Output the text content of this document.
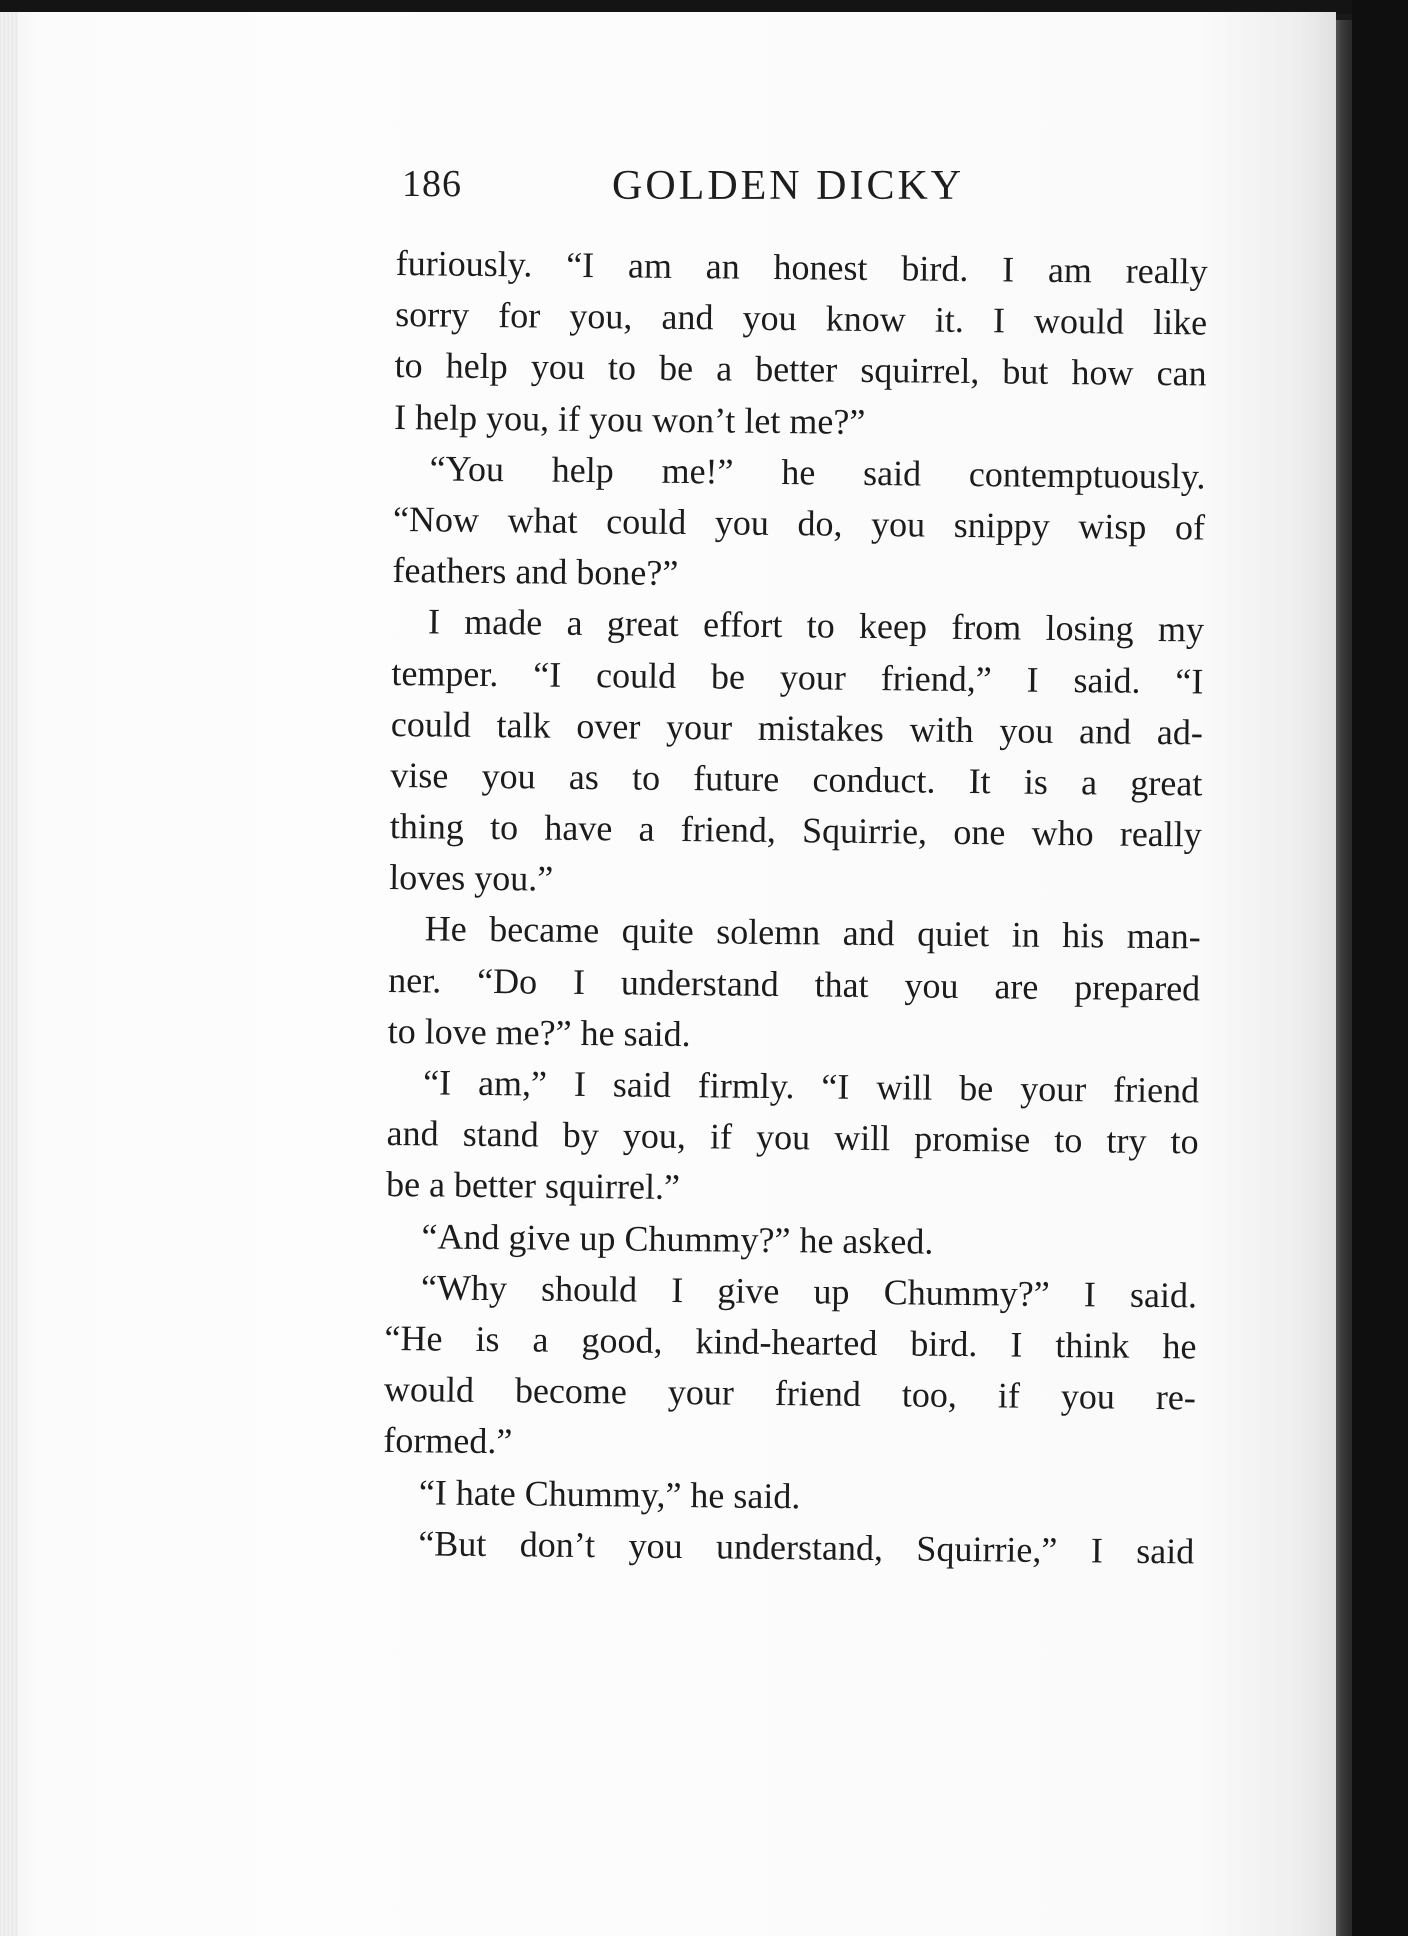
186	GOLDEN DICKY
furiously. “I am an honest bird. I am really
sorry for you, and you know it. I would like
to help you to be a better squirrel, but how can
I help you, if you won’t let me?”
“You help me!” he said contemptuously.
“Now what could you do, you snippy wisp of
feathers and bone?”
I made a great effort to keep from losing my
temper. “I could be your friend,” I said. “I
could talk over your mistakes with you and ad-
vise you as to future conduct. It is a great
thing to have a friend, Squirrie, one who really
loves you.”
He became quite solemn and quiet in his man-
ner. “Do I understand that you are prepared
to love me?” he said.
“I am,” I said firmly. “I will be your friend
and stand by you, if you will promise to try to
be a better squirrel.”
“And give up Chummy?” he asked.
“Why should I give up Chummy?” I said.
“He is a good, kind-hearted bird. I think he
would become your friend too, if you re-
formed.”
“I hate Chummy,” he said.
“But don’t you understand, Squirrie,” I said
